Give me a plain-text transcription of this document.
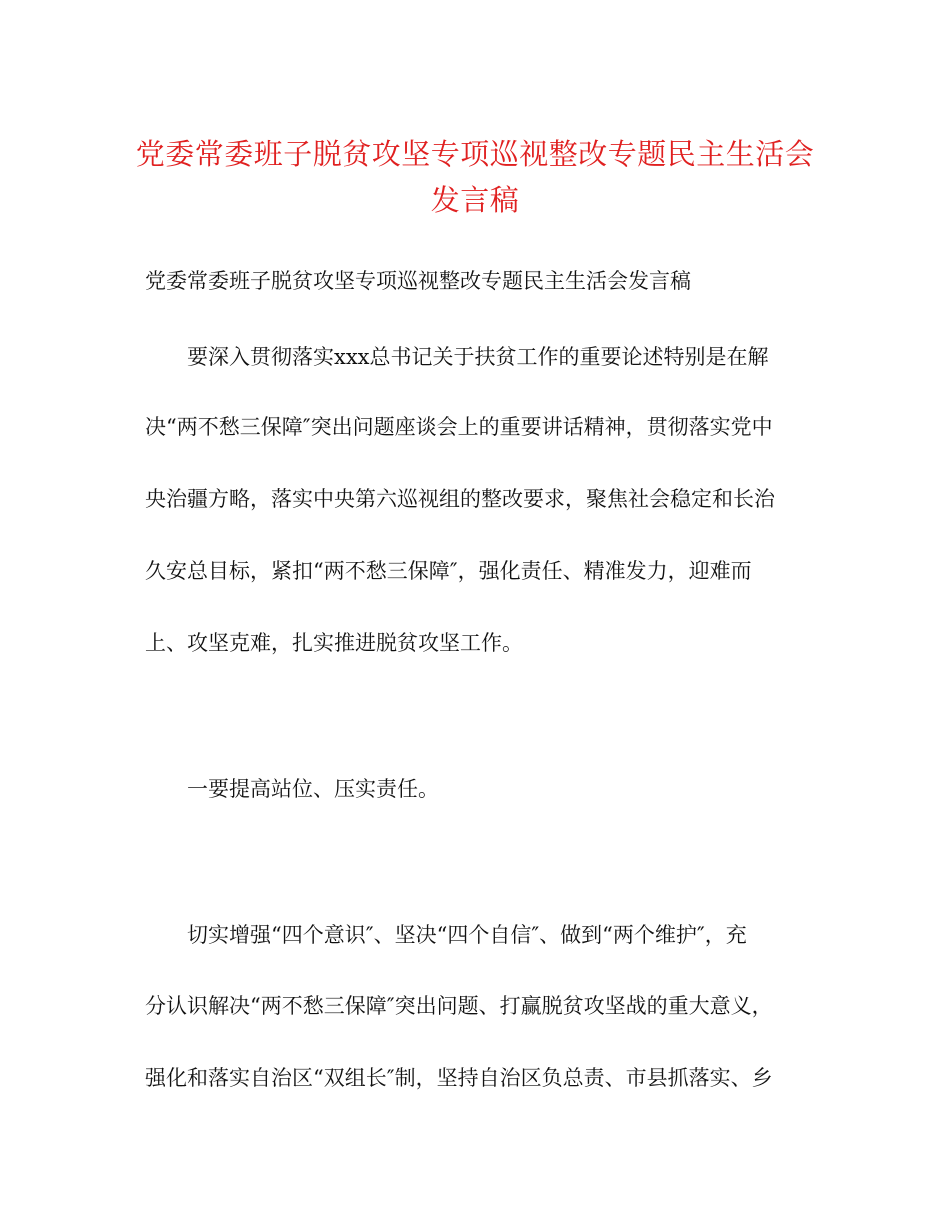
党委常委班子脱贫攻坚专项巡视整改专题民主生活会
发言稿
党委常委班子脱贫攻坚专项巡视整改专题民主生活会发言稿
要深入贯彻落实xxx总书记关于扶贫工作的重要论述特别是在解
决“两不愁三保障″突出问题座谈会上的重要讲话精神，贯彻落实党中
央治疆方略，落实中央第六巡视组的整改要求，聚焦社会稳定和长治
久安总目标，紧扣“两不愁三保障″，强化责任、精准发力，迎难而
上、攻坚克难，扎实推进脱贫攻坚工作。
一要提高站位、压实责任。
切实增强“四个意识″、坚决“四个自信″、做到“两个维护″，充
分认识解决“两不愁三保障″突出问题、打赢脱贫攻坚战的重大意义，
强化和落实自治区“双组长″制，坚持自治区负总责、市县抓落实、乡
